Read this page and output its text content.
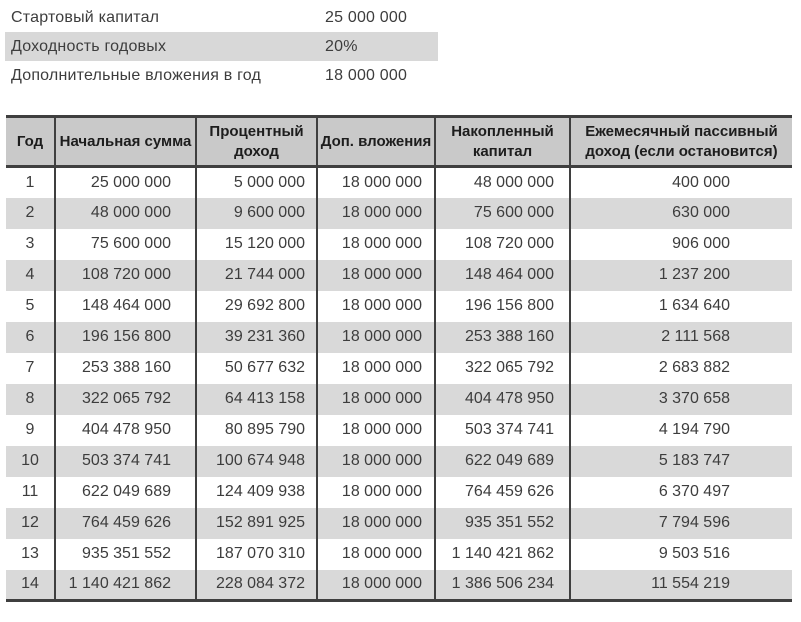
Стартовый капитал	25 000 000
Доходность годовых	20%
Дополнительные вложения в год	18 000 000
Год	Начальная сумма	Процентный доход	Доп. вложения	Накопленный капитал	Ежемесячный пассивный доход (если остановится)
1	25 000 000	5 000 000	18 000 000	48 000 000	400 000
2	48 000 000	9 600 000	18 000 000	75 600 000	630 000
3	75 600 000	15 120 000	18 000 000	108 720 000	906 000
4	108 720 000	21 744 000	18 000 000	148 464 000	1 237 200
5	148 464 000	29 692 800	18 000 000	196 156 800	1 634 640
6	196 156 800	39 231 360	18 000 000	253 388 160	2 111 568
7	253 388 160	50 677 632	18 000 000	322 065 792	2 683 882
8	322 065 792	64 413 158	18 000 000	404 478 950	3 370 658
9	404 478 950	80 895 790	18 000 000	503 374 741	4 194 790
10	503 374 741	100 674 948	18 000 000	622 049 689	5 183 747
11	622 049 689	124 409 938	18 000 000	764 459 626	6 370 497
12	764 459 626	152 891 925	18 000 000	935 351 552	7 794 596
13	935 351 552	187 070 310	18 000 000	1 140 421 862	9 503 516
14	1 140 421 862	228 084 372	18 000 000	1 386 506 234	11 554 219
